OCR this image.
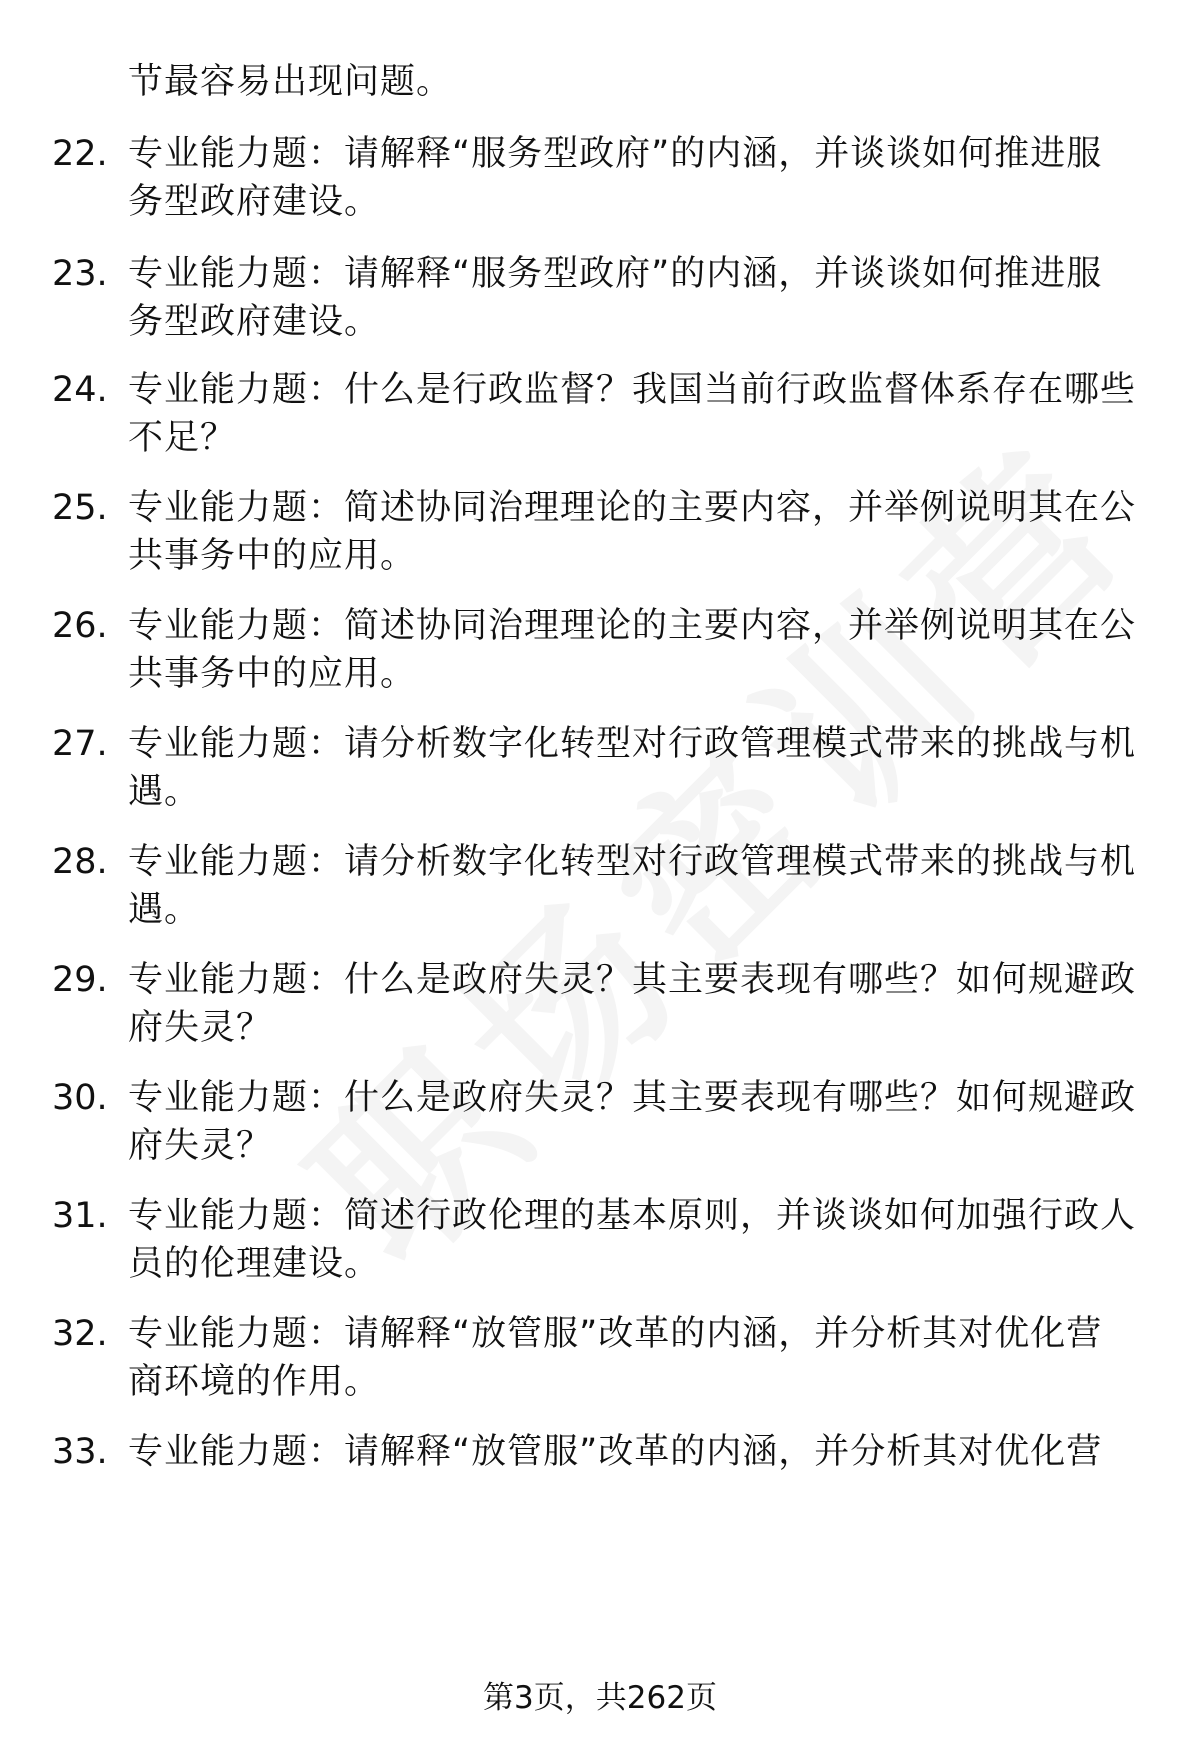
节最容易出现问题。
22. 专业能力题：请解释“服务型政府”的内涵，并谈谈如何推进服
务型政府建设。
23. 专业能力题：请解释“服务型政府”的内涵，并谈谈如何推进服
务型政府建设。
24. 专业能力题：什么是行政监督？我国当前行政监督体系存在哪些
不足？
25. 专业能力题：简述协同治理理论的主要内容，并举例说明其在公
共事务中的应用。
26. 专业能力题：简述协同治理理论的主要内容，并举例说明其在公
共事务中的应用。
27. 专业能力题：请分析数字化转型对行政管理模式带来的挑战与机
遇。
28. 专业能力题：请分析数字化转型对行政管理模式带来的挑战与机
遇。
29. 专业能力题：什么是政府失灵？其主要表现有哪些？如何规避政
府失灵？
30. 专业能力题：什么是政府失灵？其主要表现有哪些？如何规避政
府失灵？
31. 专业能力题：简述行政伦理的基本原则，并谈谈如何加强行政人
员的伦理建设。
32. 专业能力题：请解释“放管服”改革的内涵，并分析其对优化营
商环境的作用。
33. 专业能力题：请解释“放管服”改革的内涵，并分析其对优化营
第3页，共262页
